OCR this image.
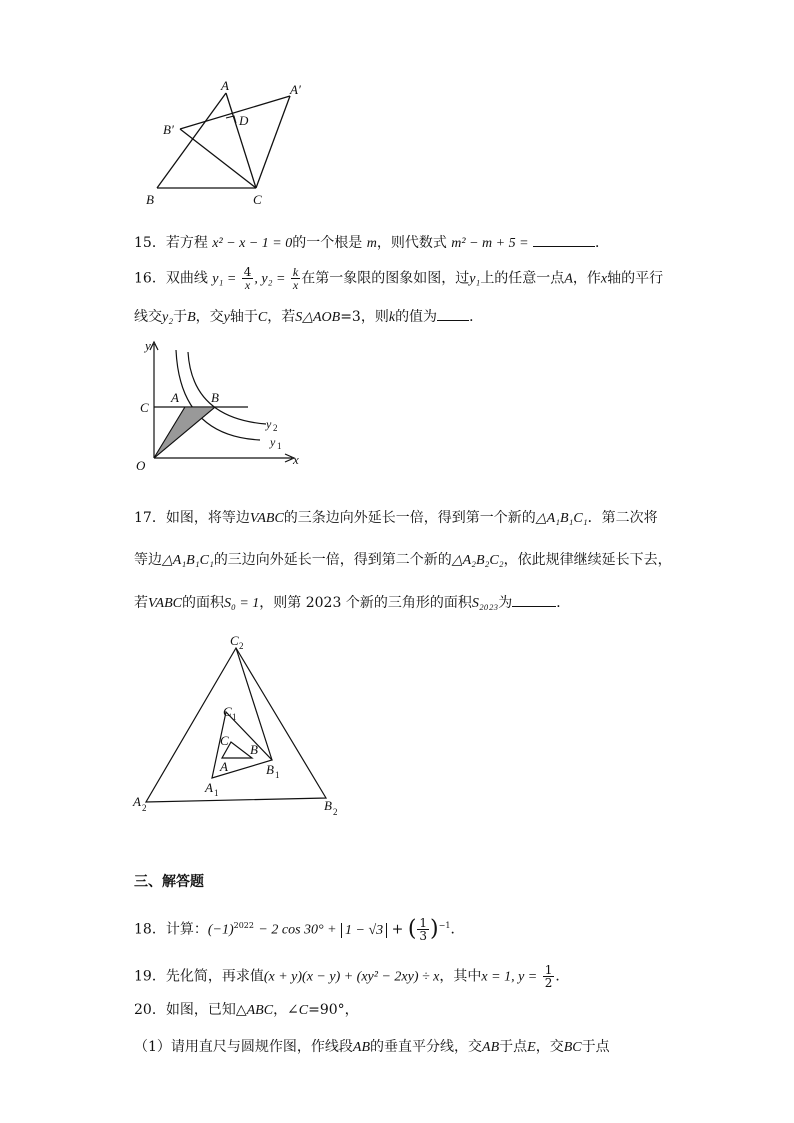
A	A′
B′
D
B	C
15．若方程 x² − x − 1 = 0的一个根是 m，则代数式 m² − m + 5 =	．
16．双曲线 $y_1 = \frac{4}{x}$ , $y_2 = \frac{k}{x}$ 在第一象限的图象如图，过y₁上的任意一点A，作x轴的平行
线交y₂于B，交y轴于C，若S△AOB=3，则k的值为 ．
y
x
O
C
A B
y 2
y 1
17．如图，将等边VABC的三条边向外延长一倍，得到第一个新的△A₁B₁C₁．第二次将
等边△A₁B₁C₁的三边向外延长一倍，得到第二个新的△A₂B₂C₂，依此规律继续延长下去，
若VABC的面积S₀ = 1，则第 2023 个新的三角形的面积S₂₀₂₃为	．
C 2
C 1
C
B
A	B 1
A 1
A 2	B 2
三、解答题
18．计算：$(-1)^{2022} - 2$ cos 30° + 1 − √3 + ( $\frac{1}{3} )^{-1}$．
19．先化简，再求值(x + y)(x − y) + (xy² − 2xy) ÷ x，其中x = 1, $y = \frac{1}{2}$ ．
20．如图，已知△ABC，∠C=90°，
（1）请用直尺与圆规作图，作线段AB的垂直平分线，交AB于点E，交BC于点
